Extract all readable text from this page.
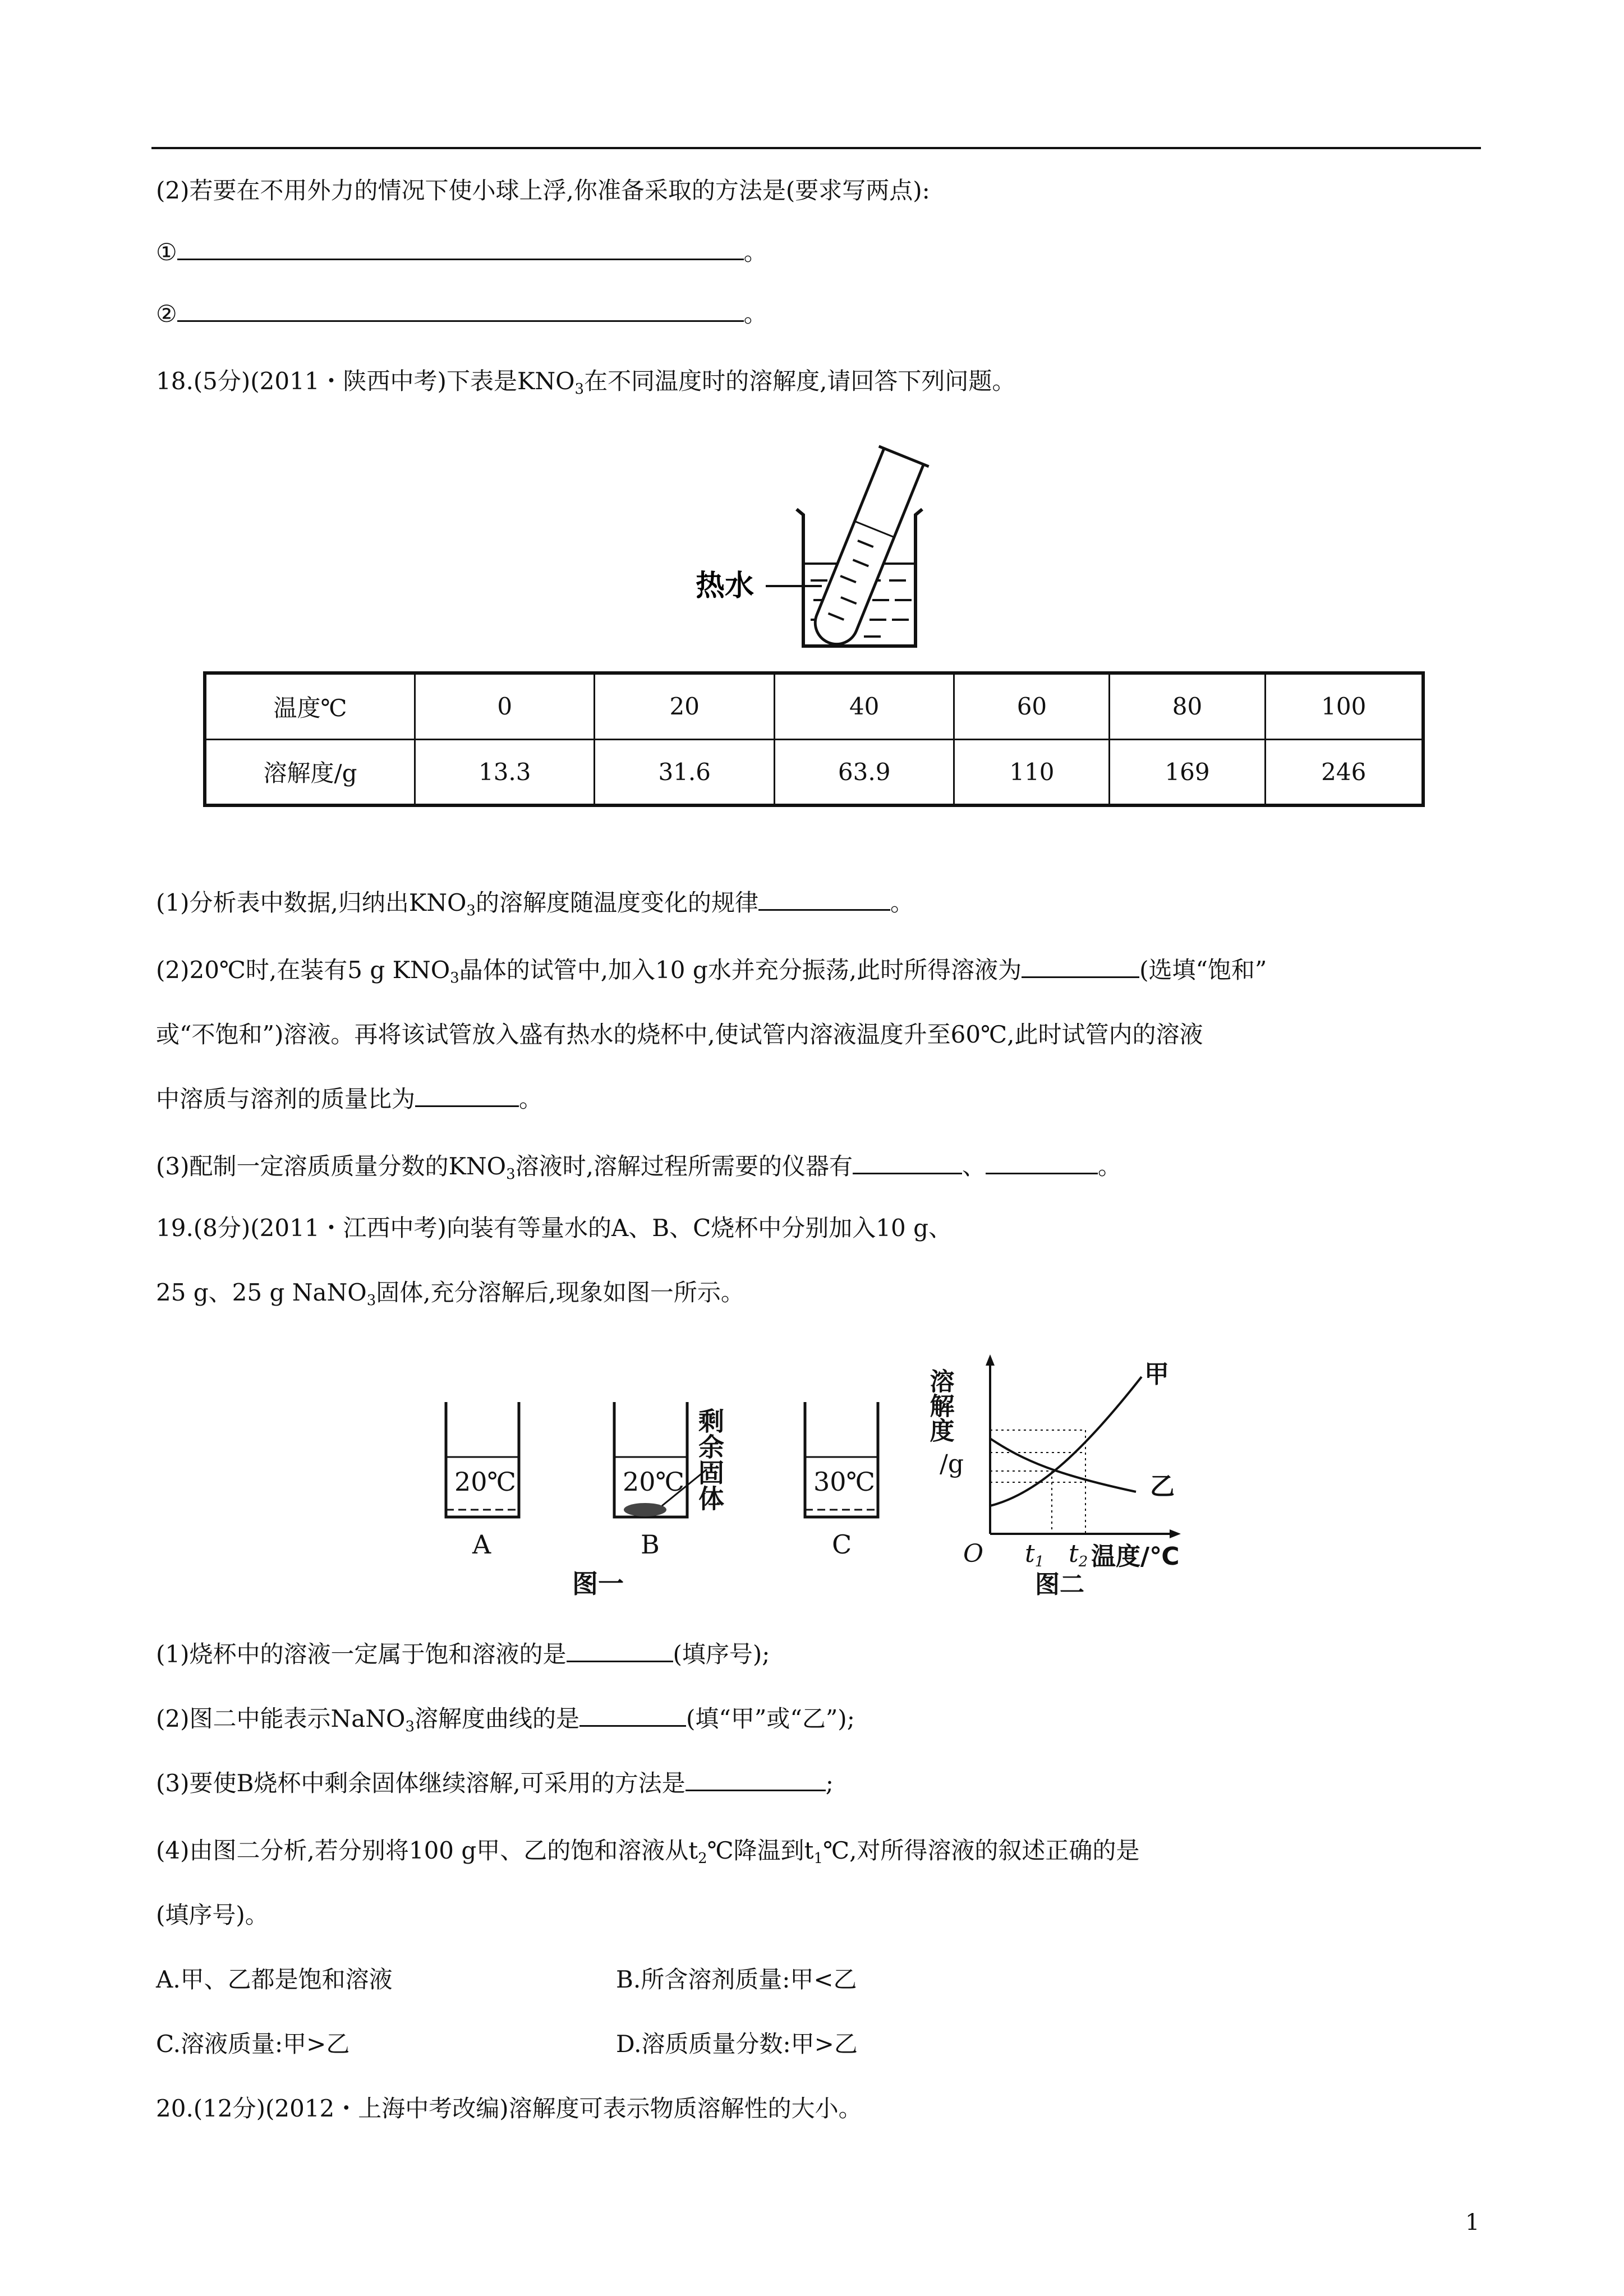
(2)若要在不用外力的情况下使小球上浮,你准备采取的方法是(要求写两点):
①	。
②	。
18.(5分)(2011・陕西中考)下表是$KNO_3$在不同温度时的溶解度,请回答下列问题。
热水
温度℃	0	20	40	60	80	100
溶解度/g	13.3	31.6	63.9	110	169	246
(1)分析表中数据,归纳出$KNO_3$的溶解度随温度变化的规律	。
(2)20℃时,在装有5 g $KNO_3$晶体的试管中,加入10 g水并充分振荡,此时所得溶液为	(选填“饱和”
或“不饱和”)溶液。再将该试管放入盛有热水的烧杯中,使试管内溶液温度升至60℃,此时试管内的溶液
中溶质与溶剂的质量比为	。
(3)配制一定溶质质量分数的$KNO_3$溶液时,溶解过程所需要的仪器有	、	。
19.(8分)(2011・江西中考)向装有等量水的A、B、C烧杯中分别加入10 g、
25 g、25 g NaNO$_3$固体,充分溶解后,现象如图一所示。
20℃
A
20℃
B
剩余固体	30℃
C
图一
溶解度
/g
甲
乙
O t1 t2 温度/℃
图二
(1)烧杯中的溶液一定属于饱和溶液的是	(填序号);
(2)图二中能表示NaNO$_3$溶解度曲线的是	(填“甲”或“乙”);
(3)要使B烧杯中剩余固体继续溶解,可采用的方法是	;
(4)由图二分析,若分别将100 g甲、乙的饱和溶液从$t_2℃$降温到$t_1℃$,对所得溶液的叙述正确的是
(填序号)。
A.甲、乙都是饱和溶液	B.所含溶剂质量:甲<乙
C.溶液质量:甲>乙	D.溶质质量分数:甲>乙
20.(12分)(2012・上海中考改编)溶解度可表示物质溶解性的大小。
1
